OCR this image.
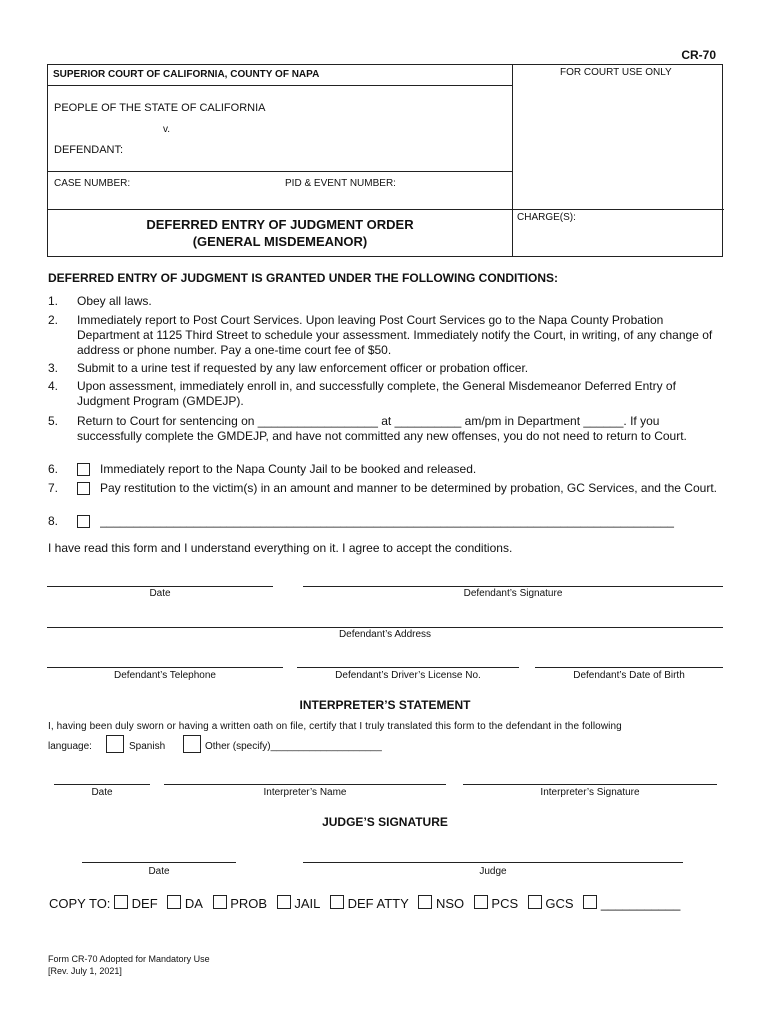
CR-70
SUPERIOR COURT OF CALIFORNIA, COUNTY OF NAPA	FOR COURT USE ONLY
PEOPLE OF THE STATE OF CALIFORNIA
v.
DEFENDANT:
CASE NUMBER:	PID & EVENT NUMBER:
DEFERRED ENTRY OF JUDGMENT ORDER
(GENERAL MISDEMEANOR)
CHARGE(S):
DEFERRED ENTRY OF JUDGMENT IS GRANTED UNDER THE FOLLOWING CONDITIONS:
1. Obey all laws.
2. Immediately report to Post Court Services. Upon leaving Post Court Services go to the Napa County Probation Department at 1125 Third Street to schedule your assessment. Immediately notify the Court, in writing, of any change of address or phone number. Pay a one-time court fee of $50.
3. Submit to a urine test if requested by any law enforcement officer or probation officer.
4. Upon assessment, immediately enroll in, and successfully complete, the General Misdemeanor Deferred Entry of Judgment Program (GMDEJP).
5. Return to Court for sentencing on __________________ at __________ am/pm in Department ______. If you successfully complete the GMDEJP, and have not committed any new offenses, you do not need to return to Court.
6.	Immediately report to the Napa County Jail to be booked and released.
7.	Pay restitution to the victim(s) in an amount and manner to be determined by probation, GC Services, and the Court.
8.	______________________________________________________________________________________
I have read this form and I understand everything on it. I agree to accept the conditions.
Date	Defendant’s Signature
Defendant’s Address
Defendant’s Telephone	Defendant’s Driver’s License No.	Defendant’s Date of Birth
INTERPRETER’S STATEMENT
I, having been duly sworn or having a written oath on file, certify that I truly translated this form to the defendant in the following
language:	Spanish	Other (specify)____________________
Date	Interpreter’s Name	Interpreter’s Signature
JUDGE’S SIGNATURE
Date	Judge
COPY TO: DEF DA PROB JAIL DEF ATTY NSO PCS GCS ___________
Form CR-70 Adopted for Mandatory Use
[Rev. July 1, 2021]
